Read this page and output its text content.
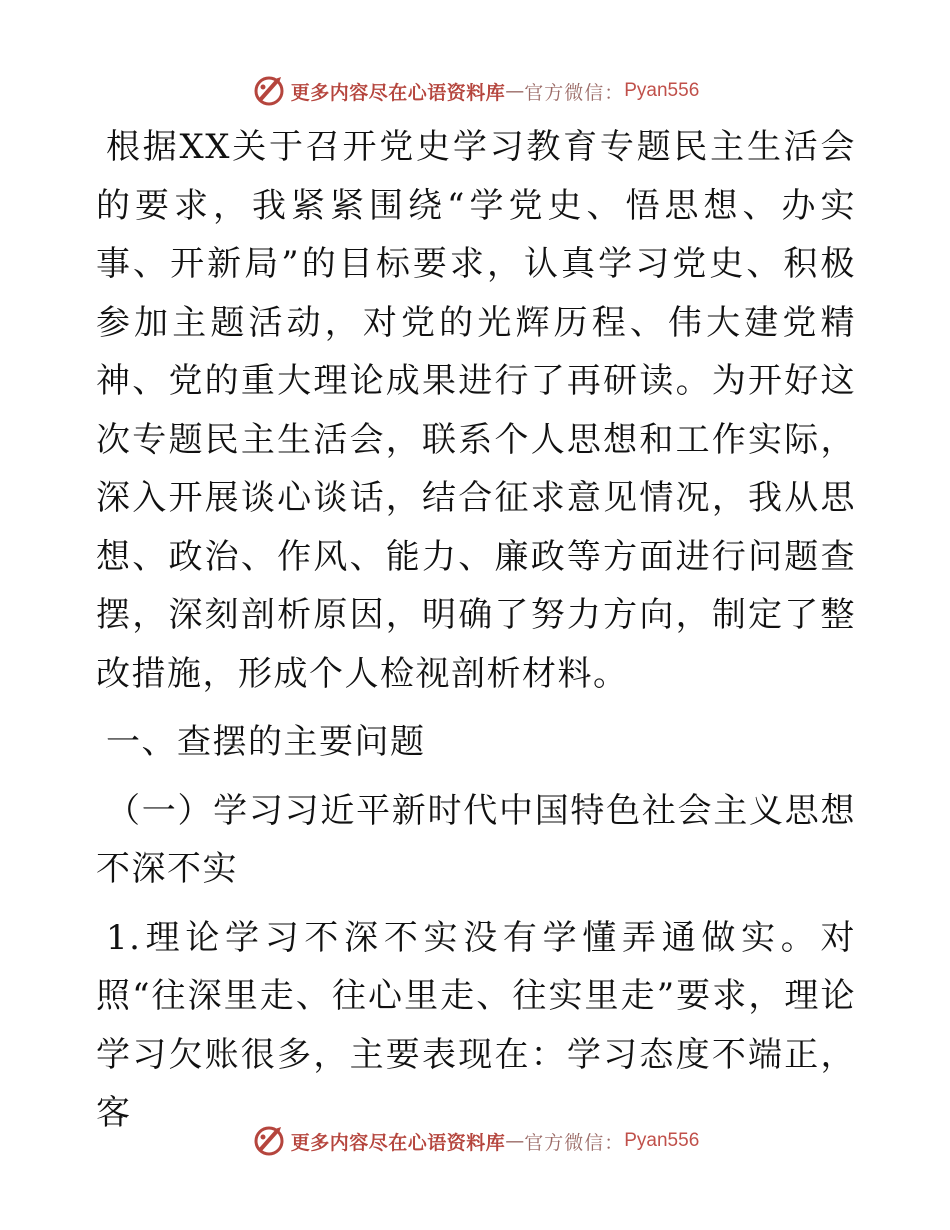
更多内容尽在心语资料库 — 官方微信： Pyan556

根据XX关于召开党史学习教育专题民主生活会的要求，我紧紧围绕“学党史、悟思想、办实事、开新局”的目标要求，认真学习党史、积极参加主题活动，对党的光辉历程、伟大建党精神、党的重大理论成果进行了再研读。为开好这次专题民主生活会，联系个人思想和工作实际，深入开展谈心谈话，结合征求意见情况，我从思想、政治、作风、能力、廉政等方面进行问题查摆，深刻剖析原因，明确了努力方向，制定了整改措施，形成个人检视剖析材料。

一、查摆的主要问题

（一）学习习近平新时代中国特色社会主义思想不深不实

1.理论学习不深不实没有学懂弄通做实。对照“往深里走、往心里走、往实里走”要求，理论学习欠账很多，主要表现在：学习态度不端正，客

更多内容尽在心语资料库 — 官方微信： Pyan556
